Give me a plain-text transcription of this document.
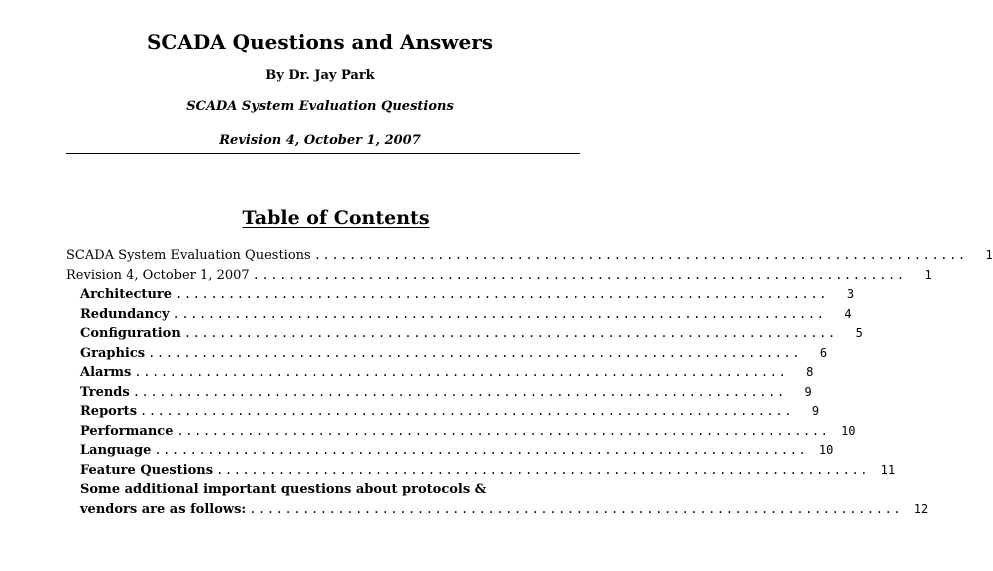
SCADA Questions and Answers
By Dr. Jay Park
SCADA System Evaluation Questions
Revision 4, October 1, 2007
Table of Contents
SCADA System Evaluation Questions ..........................................................................	1
Revision 4, October 1, 2007 ..........................................................................	1
Architecture ..........................................................................	3
Redundancy ..........................................................................	4
Configuration ..........................................................................	5
Graphics ..........................................................................	6
Alarms ..........................................................................	8
Trends ..........................................................................	9
Reports ..........................................................................	9
Performance .......................................................................... 10
Language .......................................................................... 10
Feature Questions .......................................................................... 11
Some additional important questions about protocols &
vendors are as follows: .......................................................................... 12
